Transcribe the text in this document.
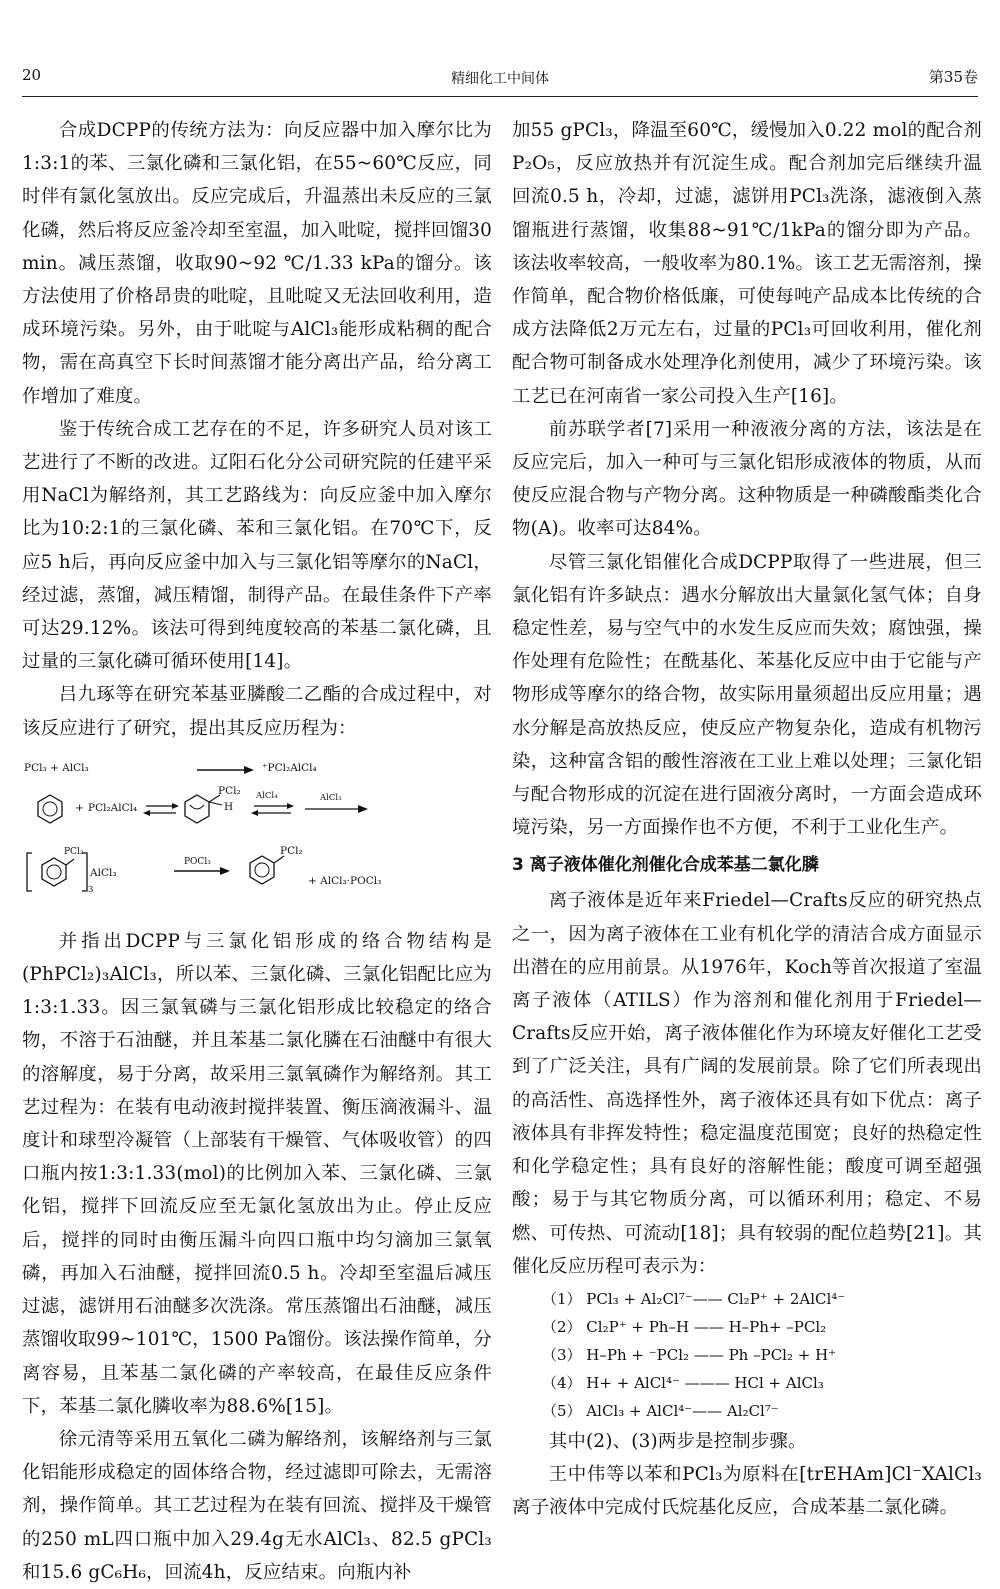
20	精细化工中间体	第35卷

合成DCPP的传统方法为：向反应器中加入摩尔比为1:3:1的苯、三氯化磷和三氯化铝，在55~60℃反应，同时伴有氯化氢放出。反应完成后，升温蒸出未反应的三氯化磷，然后将反应釜冷却至室温，加入吡啶，搅拌回馏30 min。减压蒸馏，收取90~92 ℃/1.33 kPa的馏分。该方法使用了价格昂贵的吡啶，且吡啶又无法回收利用，造成环境污染。另外，由于吡啶与AlCl₃能形成粘稠的配合物，需在高真空下长时间蒸馏才能分离出产品，给分离工作增加了难度。

鉴于传统合成工艺存在的不足，许多研究人员对该工艺进行了不断的改进。辽阳石化分公司研究院的任建平采用NaCl为解络剂，其工艺路线为：向反应釜中加入摩尔比为10:2:1的三氯化磷、苯和三氯化铝。在70℃下，反应5 h后，再向反应釜中加入与三氯化铝等摩尔的NaCl，经过滤，蒸馏，减压精馏，制得产品。在最佳条件下产率可达29.12%。该法可得到纯度较高的苯基二氯化磷，且过量的三氯化磷可循环使用[14]。

吕九琢等在研究苯基亚膦酸二乙酯的合成过程中，对该反应进行了研究，提出其反应历程为：

PCl₃ + AlCl₃	⁺PCl₂AlCl₄
+ PCl₂AlCl₄
PCl₂
H
AlCl₄	AlCl₃
PCl₂
AlCl₃
3
POCl₃
PCl₂
+ AlCl₃·POCl₃

并指出DCPP与三氯化铝形成的络合物结构是(PhPCl₂)₃AlCl₃，所以苯、三氯化磷、三氯化铝配比应为1:3:1.33。因三氯氧磷与三氯化铝形成比较稳定的络合物，不溶于石油醚，并且苯基二氯化膦在石油醚中有很大的溶解度，易于分离，故采用三氯氧磷作为解络剂。其工艺过程为：在装有电动液封搅拌装置、衡压滴液漏斗、温度计和球型冷凝管（上部装有干燥管、气体吸收管）的四口瓶内按1:3:1.33(mol)的比例加入苯、三氯化磷、三氯化铝，搅拌下回流反应至无氯化氢放出为止。停止反应后，搅拌的同时由衡压漏斗向四口瓶中均匀滴加三氯氧磷，再加入石油醚，搅拌回流0.5 h。冷却至室温后减压过滤，滤饼用石油醚多次洗涤。常压蒸馏出石油醚，减压蒸馏收取99~101℃，1500 Pa馏份。该法操作简单，分离容易，且苯基二氯化磷的产率较高，在最佳反应条件下，苯基二氯化膦收率为88.6%[15]。

徐元清等采用五氧化二磷为解络剂，该解络剂与三氯化铝能形成稳定的固体络合物，经过滤即可除去，无需溶剂，操作简单。其工艺过程为在装有回流、搅拌及干燥管的250 mL四口瓶中加入29.4g无水AlCl₃、82.5 gPCl₃和15.6 gC₆H₆，回流4h，反应结束。向瓶内补

加55 gPCl₃，降温至60℃，缓慢加入0.22 mol的配合剂P₂O₅，反应放热并有沉淀生成。配合剂加完后继续升温回流0.5 h，冷却，过滤，滤饼用PCl₃洗涤，滤液倒入蒸馏瓶进行蒸馏，收集88~91℃/1kPa的馏分即为产品。该法收率较高，一般收率为80.1%。该工艺无需溶剂，操作简单，配合物价格低廉，可使每吨产品成本比传统的合成方法降低2万元左右，过量的PCl₃可回收利用，催化剂配合物可制备成水处理净化剂使用，减少了环境污染。该工艺已在河南省一家公司投入生产[16]。

前苏联学者[7]采用一种液液分离的方法，该法是在反应完后，加入一种可与三氯化铝形成液体的物质，从而使反应混合物与产物分离。这种物质是一种磷酸酯类化合物(A)。收率可达84%。

尽管三氯化铝催化合成DCPP取得了一些进展，但三氯化铝有许多缺点：遇水分解放出大量氯化氢气体；自身稳定性差，易与空气中的水发生反应而失效；腐蚀强，操作处理有危险性；在酰基化、苯基化反应中由于它能与产物形成等摩尔的络合物，故实际用量须超出反应用量；遇水分解是高放热反应，使反应产物复杂化，造成有机物污染，这种富含铝的酸性溶液在工业上难以处理；三氯化铝与配合物形成的沉淀在进行固液分离时，一方面会造成环境污染，另一方面操作也不方便，不利于工业化生产。

3 离子液体催化剂催化合成苯基二氯化膦

离子液体是近年来Friedel—Crafts反应的研究热点之一，因为离子液体在工业有机化学的清洁合成方面显示出潜在的应用前景。从1976年，Koch等首次报道了室温离子液体（ATILS）作为溶剂和催化剂用于Friedel—Crafts反应开始，离子液体催化作为环境友好催化工艺受到了广泛关注，具有广阔的发展前景。除了它们所表现出的高活性、高选择性外，离子液体还具有如下优点：离子液体具有非挥发特性；稳定温度范围宽；良好的热稳定性和化学稳定性；具有良好的溶解性能；酸度可调至超强酸；易于与其它物质分离，可以循环利用；稳定、不易燃、可传热、可流动[18]；具有较弱的配位趋势[21]。其催化反应历程可表示为：

（1） PCl₃ + Al₂Cl⁷⁻—— Cl₂P⁺ + 2AlCl⁴⁻
（2） Cl₂P⁺ + Ph–H —— H–Ph+ –PCl₂
（3） H–Ph + ⁻PCl₂ —— Ph –PCl₂ + H⁺
（4） H+ + AlCl⁴⁻ ——— HCl + AlCl₃
（5） AlCl₃ + AlCl⁴⁻—— Al₂Cl⁷⁻

其中(2)、(3)两步是控制步骤。

王中伟等以苯和PCl₃为原料在[trEHAm]Cl⁻XAlCl₃离子液体中完成付氏烷基化反应，合成苯基二氯化磷。
